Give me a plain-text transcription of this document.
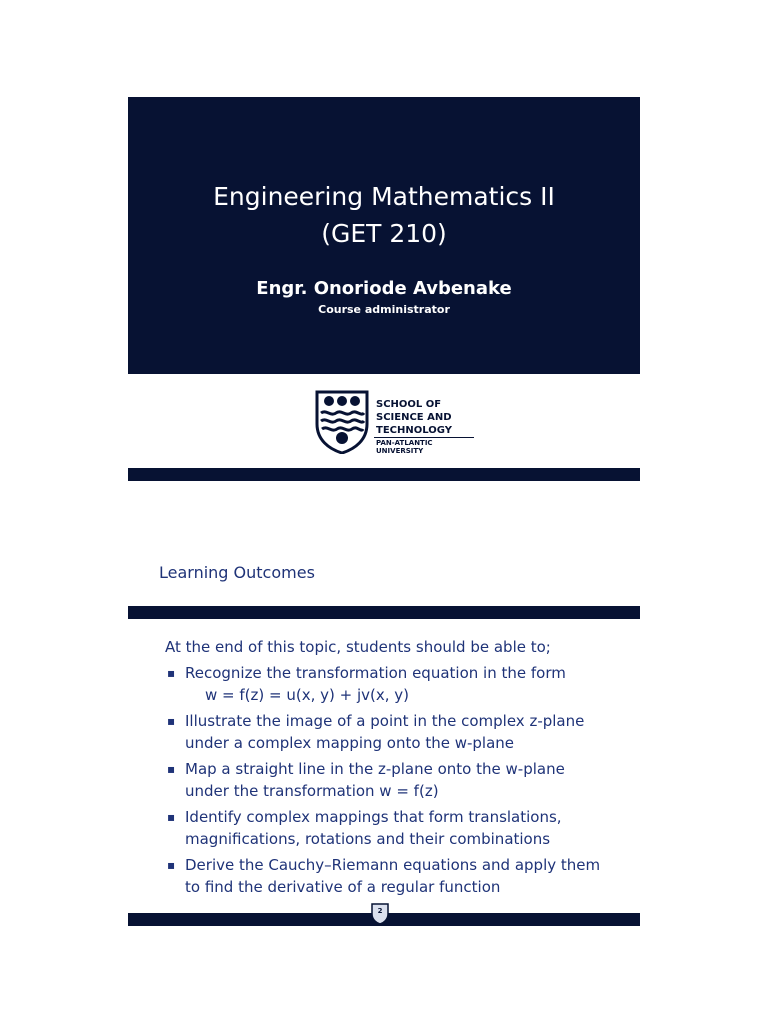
Engineering Mathematics II
(GET 210)
Engr. Onoriode Avbenake
Course administrator
SCHOOL OF
SCIENCE AND
TECHNOLOGY
PAN-ATLANTIC UNIVERSITY
Learning Outcomes
At the end of this topic, students should be able to;
▪ Recognize the transformation equation in the form
w = f(z) = u(x, y) + jv(x, y)
▪ Illustrate the image of a point in the complex z-plane
under a complex mapping onto the w-plane
▪ Map a straight line in the z-plane onto the w-plane
under the transformation w = f(z)
▪ Identify complex mappings that form translations,
magnifications, rotations and their combinations
▪ Derive the Cauchy–Riemann equations and apply them
to find the derivative of a regular function
2
